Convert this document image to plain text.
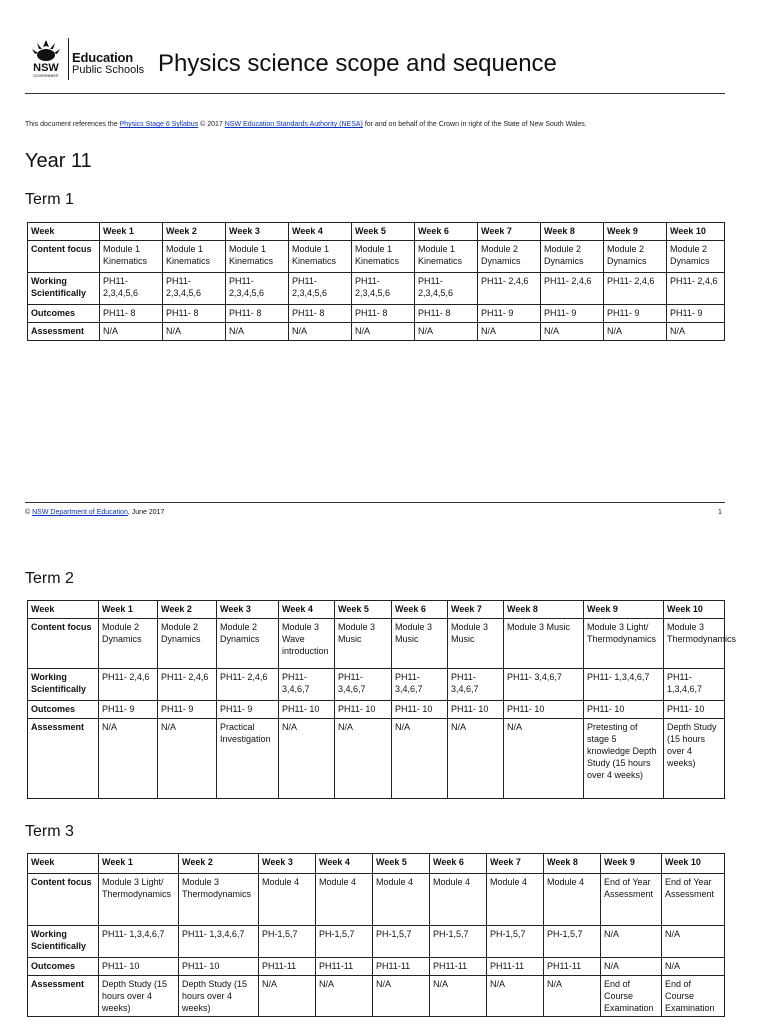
NSW
GOVERNMENT
Education
Public Schools Physics science scope and sequence
This document references the Physics Stage 6 Syllabus © 2017 NSW Education Standards Authority (NESA) for and on behalf of the Crown in right of the State of New South Wales.
Year 11
Term 1
Week	Week 1	Week 2	Week 3	Week 4	Week 5	Week 6	Week 7	Week 8	Week 9	Week 10
Content focus	Module 1 Kinematics	Module 1 Kinematics	Module 1 Kinematics	Module 1 Kinematics	Module 1 Kinematics	Module 1 Kinematics	Module 2 Dynamics	Module 2 Dynamics	Module 2 Dynamics	Module 2 Dynamics
Working Scientifically	PH11- 2,3,4,5,6	PH11- 2,3,4,5,6	PH11- 2,3,4,5,6	PH11- 2,3,4,5,6	PH11- 2,3,4,5,6	PH11- 2,3,4,5,6	PH11- 2,4,6	PH11- 2,4,6	PH11- 2,4,6	PH11- 2,4,6
Outcomes	PH11- 8	PH11- 8	PH11- 8	PH11- 8	PH11- 8	PH11- 8	PH11- 9	PH11- 9	PH11- 9	PH11- 9
Assessment	N/A	N/A	N/A	N/A	N/A	N/A	N/A	N/A	N/A	N/A
© NSW Department of Education, June 2017	1
Term 2
Week	Week 1	Week 2	Week 3	Week 4	Week 5	Week 6	Week 7	Week 8	Week 9	Week 10
Content focus	Module 2 Dynamics	Module 2 Dynamics	Module 2 Dynamics	Module 3 Wave introduction	Module 3 Music	Module 3 Music	Module 3 Music	Module 3 Music	Module 3 Light/ Thermodynamics	Module 3 Thermodynamics
Working Scientifically	PH11- 2,4,6	PH11- 2,4,6	PH11- 2,4,6	PH11- 3,4,6,7	PH11- 3,4,6,7	PH11- 3,4,6,7	PH11- 3,4,6,7	PH11- 3,4,6,7	PH11- 1,3,4,6,7	PH11- 1,3,4,6,7
Outcomes	PH11- 9	PH11- 9	PH11- 9	PH11- 10	PH11- 10	PH11- 10	PH11- 10	PH11- 10	PH11- 10	PH11- 10
Assessment	N/A	N/A	Practical Investigation	N/A	N/A	N/A	N/A	N/A	Pretesting of stage 5 knowledge Depth Study (15 hours over 4 weeks)	Depth Study (15 hours over 4 weeks)
Term 3
Week	Week 1	Week 2	Week 3	Week 4	Week 5	Week 6	Week 7	Week 8	Week 9	Week 10
Content focus	Module 3 Light/ Thermodynamics	Module 3 Thermodynamics	Module 4	Module 4	Module 4	Module 4	Module 4	Module 4	End of Year Assessment	End of Year Assessment
Working Scientifically	PH11- 1,3,4,6,7	PH11- 1,3,4,6,7	PH-1,5,7	PH-1,5,7	PH-1,5,7	PH-1,5,7	PH-1,5,7	PH-1,5,7	N/A	N/A
Outcomes	PH11- 10	PH11- 10	PH11-11	PH11-11	PH11-11	PH11-11	PH11-11	PH11-11	N/A	N/A
Assessment	Depth Study (15 hours over 4 weeks)	Depth Study (15 hours over 4 weeks)	N/A	N/A	N/A	N/A	N/A	N/A	End of Course Examination	End of Course Examination
